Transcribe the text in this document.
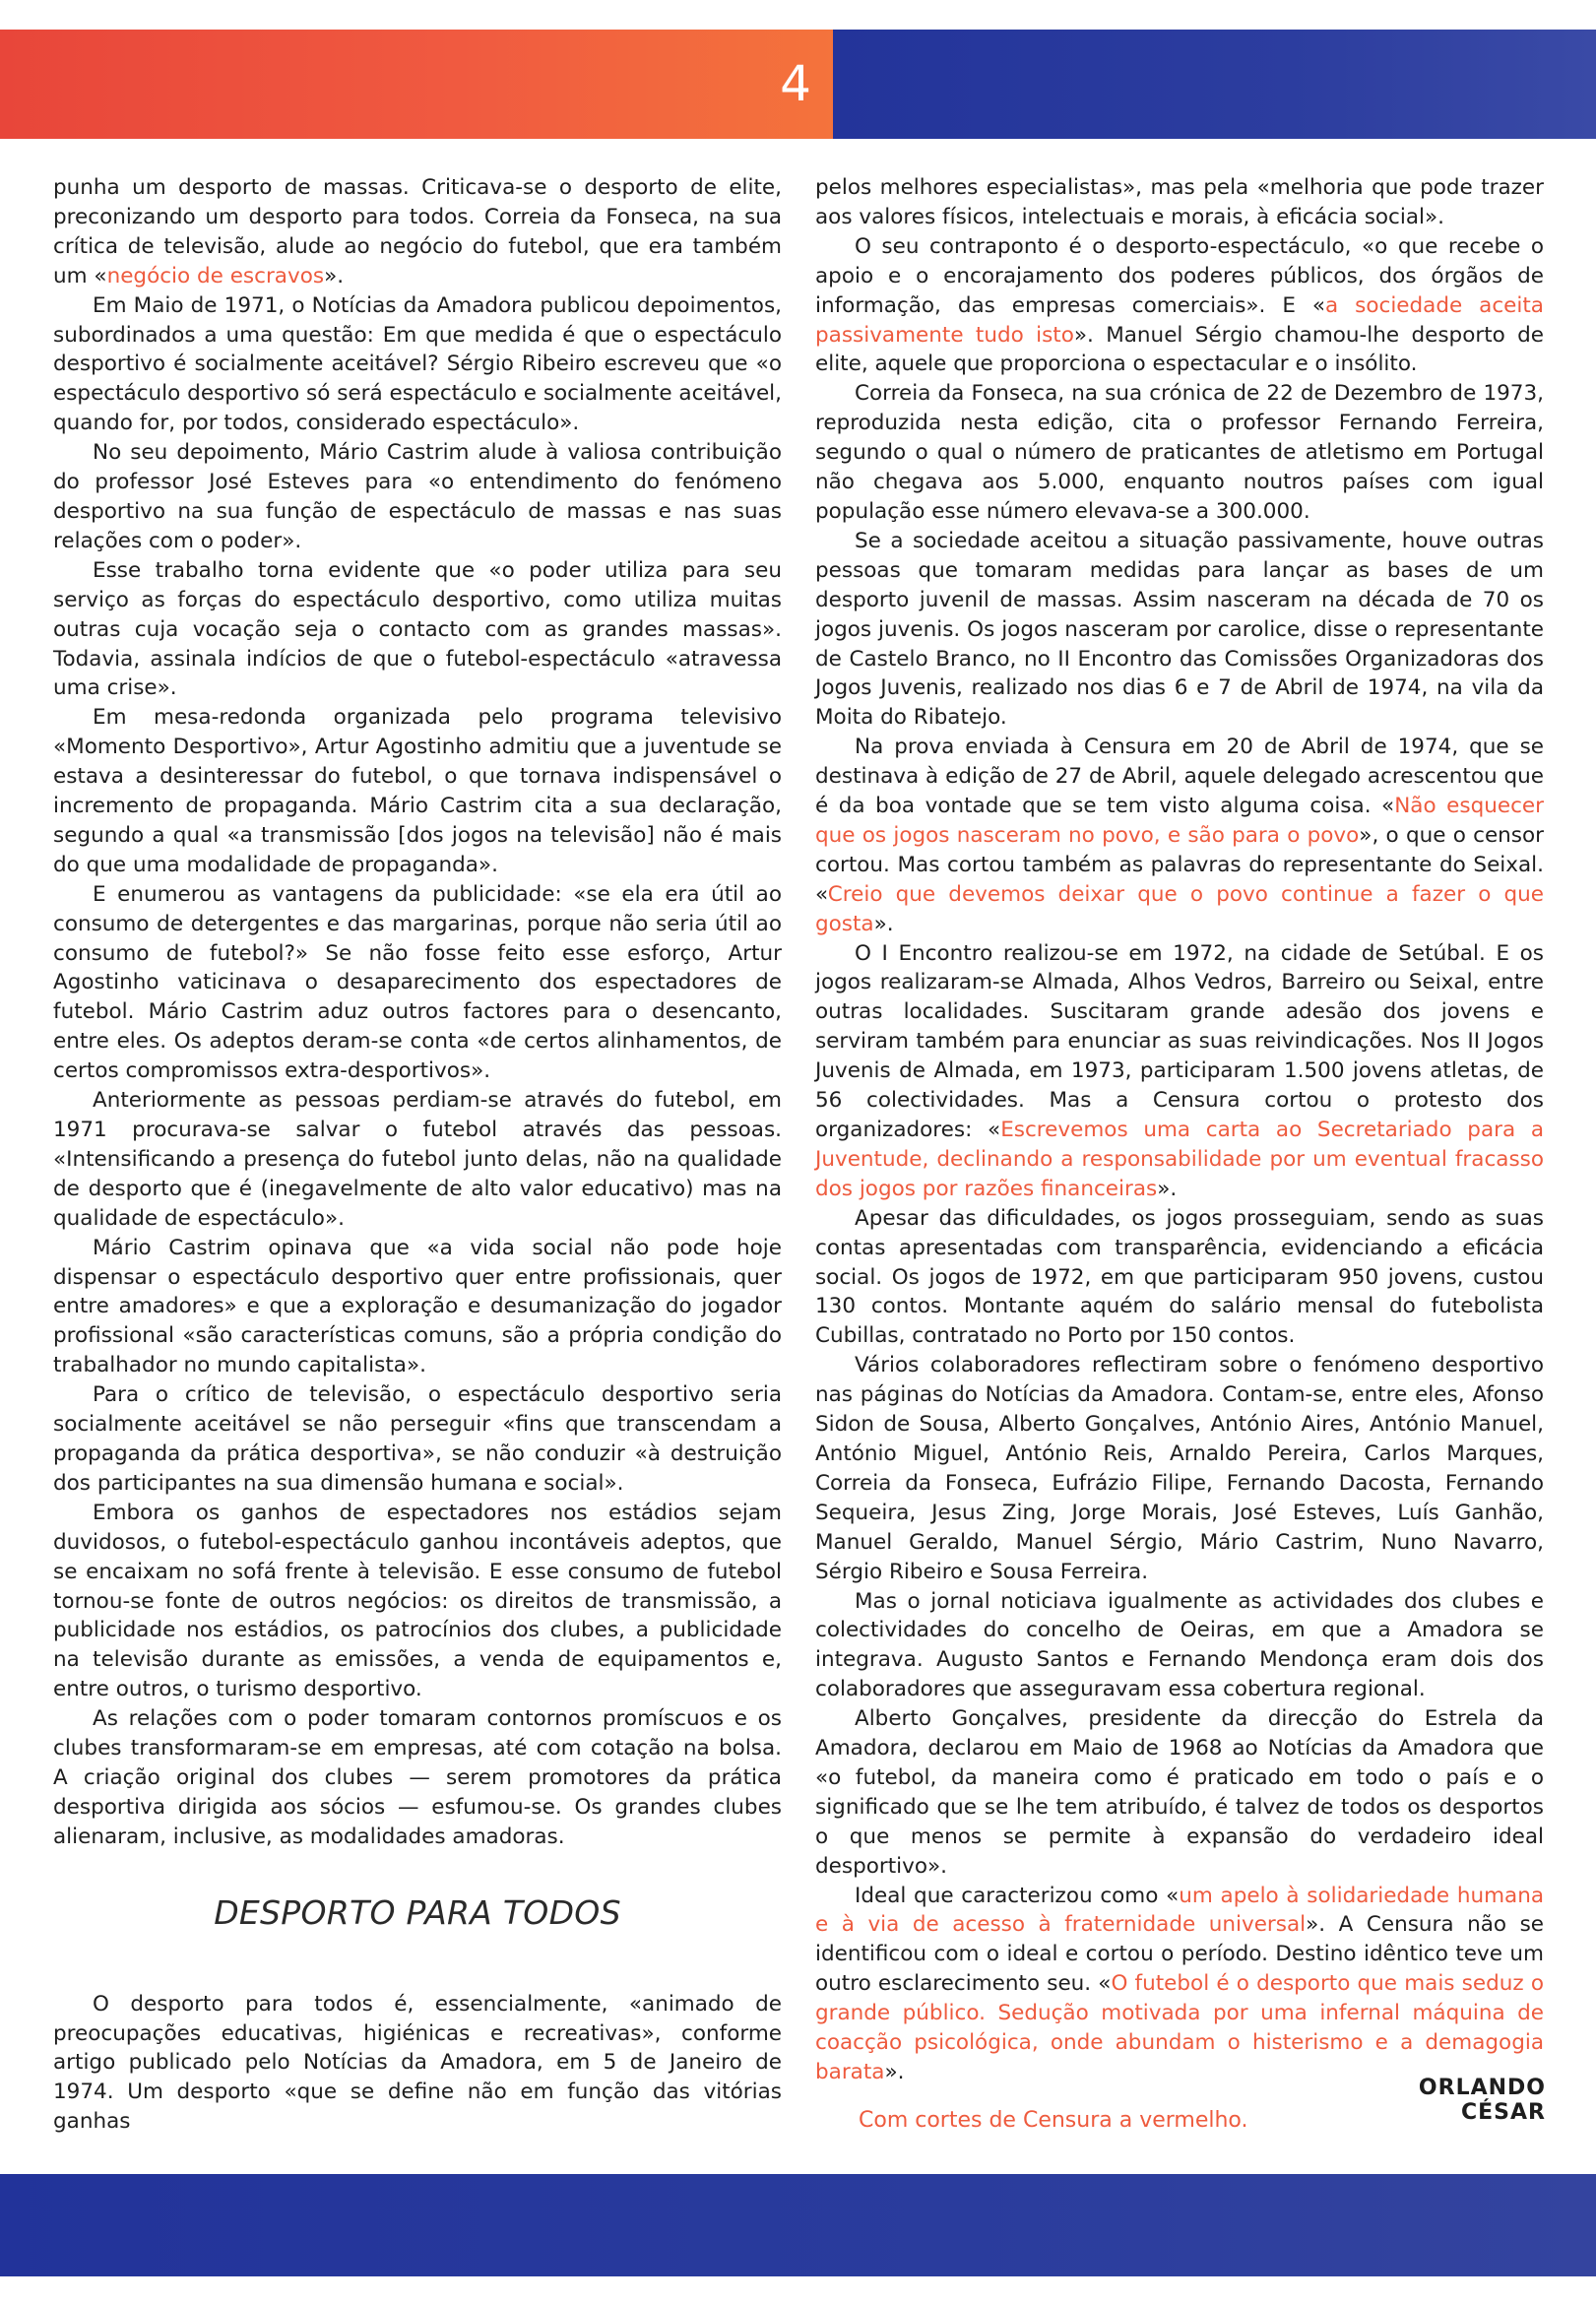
4

punha um desporto de massas. Criticava-se o desporto de elite, preconizando um desporto para todos. Correia da Fonseca, na sua crítica de televisão, alude ao negócio do futebol, que era também um «negócio de escravos».

Em Maio de 1971, o Notícias da Amadora publicou depoimentos, subordinados a uma questão: Em que medida é que o espectáculo desportivo é socialmente aceitável? Sérgio Ribeiro escreveu que «o espectáculo desportivo só será espectáculo e socialmente aceitável, quando for, por todos, considerado espectáculo».

No seu depoimento, Mário Castrim alude à valiosa contribuição do professor José Esteves para «o entendimento do fenómeno desportivo na sua função de espectáculo de massas e nas suas relações com o poder».

Esse trabalho torna evidente que «o poder utiliza para seu serviço as forças do espectáculo desportivo, como utiliza muitas outras cuja vocação seja o contacto com as grandes massas». Todavia, assinala indícios de que o futebol-espectáculo «atravessa uma crise».

Em mesa-redonda organizada pelo programa televisivo «Momento Desportivo», Artur Agostinho admitiu que a juventude se estava a desinteressar do futebol, o que tornava indispensável o incremento de propaganda. Mário Castrim cita a sua declaração, segundo a qual «a transmissão [dos jogos na televisão] não é mais do que uma modalidade de propaganda».

E enumerou as vantagens da publicidade: «se ela era útil ao consumo de detergentes e das margarinas, porque não seria útil ao consumo de futebol?» Se não fosse feito esse esforço, Artur Agostinho vaticinava o desaparecimento dos espectadores de futebol. Mário Castrim aduz outros factores para o desencanto, entre eles. Os adeptos deram-se conta «de certos alinhamentos, de certos compromissos extra-desportivos».

Anteriormente as pessoas perdiam-se através do futebol, em 1971 procurava-se salvar o futebol através das pessoas. «Intensificando a presença do futebol junto delas, não na qualidade de desporto que é (inegavelmente de alto valor educativo) mas na qualidade de espectáculo».

Mário Castrim opinava que «a vida social não pode hoje dispensar o espectáculo desportivo quer entre profissionais, quer entre amadores» e que a exploração e desumanização do jogador profissional «são características comuns, são a própria condição do trabalhador no mundo capitalista».

Para o crítico de televisão, o espectáculo desportivo seria socialmente aceitável se não perseguir «fins que transcendam a propaganda da prática desportiva», se não conduzir «à destruição dos participantes na sua dimensão humana e social».

Embora os ganhos de espectadores nos estádios sejam duvidosos, o futebol-espectáculo ganhou incontáveis adeptos, que se encaixam no sofá frente à televisão. E esse consumo de futebol tornou-se fonte de outros negócios: os direitos de transmissão, a publicidade nos estádios, os patrocínios dos clubes, a publicidade na televisão durante as emissões, a venda de equipamentos e, entre outros, o turismo desportivo.

As relações com o poder tomaram contornos promíscuos e os clubes transformaram-se em empresas, até com cotação na bolsa. A criação original dos clubes — serem promotores da prática desportiva dirigida aos sócios — esfumou-se. Os grandes clubes alienaram, inclusive, as modalidades amadoras.

DESPORTO PARA TODOS

O desporto para todos é, essencialmente, «animado de preocupações educativas, higiénicas e recreativas», conforme artigo publicado pelo Notícias da Amadora, em 5 de Janeiro de 1974. Um desporto «que se define não em função das vitórias ganhas

pelos melhores especialistas», mas pela «melhoria que pode trazer aos valores físicos, intelectuais e morais, à eficácia social».

O seu contraponto é o desporto-espectáculo, «o que recebe o apoio e o encorajamento dos poderes públicos, dos órgãos de informação, das empresas comerciais». E «a sociedade aceita passivamente tudo isto». Manuel Sérgio chamou-lhe desporto de elite, aquele que proporciona o espectacular e o insólito.

Correia da Fonseca, na sua crónica de 22 de Dezembro de 1973, reproduzida nesta edição, cita o professor Fernando Ferreira, segundo o qual o número de praticantes de atletismo em Portugal não chegava aos 5.000, enquanto noutros países com igual população esse número elevava-se a 300.000.

Se a sociedade aceitou a situação passivamente, houve outras pessoas que tomaram medidas para lançar as bases de um desporto juvenil de massas. Assim nasceram na década de 70 os jogos juvenis. Os jogos nasceram por carolice, disse o representante de Castelo Branco, no II Encontro das Comissões Organizadoras dos Jogos Juvenis, realizado nos dias 6 e 7 de Abril de 1974, na vila da Moita do Ribatejo.

Na prova enviada à Censura em 20 de Abril de 1974, que se destinava à edição de 27 de Abril, aquele delegado acrescentou que é da boa vontade que se tem visto alguma coisa. «Não esquecer que os jogos nasceram no povo, e são para o povo», o que o censor cortou. Mas cortou também as palavras do representante do Seixal. «Creio que devemos deixar que o povo continue a fazer o que gosta».

O I Encontro realizou-se em 1972, na cidade de Setúbal. E os jogos realizaram-se Almada, Alhos Vedros, Barreiro ou Seixal, entre outras localidades. Suscitaram grande adesão dos jovens e serviram também para enunciar as suas reivindicações. Nos II Jogos Juvenis de Almada, em 1973, participaram 1.500 jovens atletas, de 56 colectividades. Mas a Censura cortou o protesto dos organizadores: «Escrevemos uma carta ao Secretariado para a Juventude, declinando a responsabilidade por um eventual fracasso dos jogos por razões financeiras».

Apesar das dificuldades, os jogos prosseguiam, sendo as suas contas apresentadas com transparência, evidenciando a eficácia social. Os jogos de 1972, em que participaram 950 jovens, custou 130 contos. Montante aquém do salário mensal do futebolista Cubillas, contratado no Porto por 150 contos.

Vários colaboradores reflectiram sobre o fenómeno desportivo nas páginas do Notícias da Amadora. Contam-se, entre eles, Afonso Sidon de Sousa, Alberto Gonçalves, António Aires, António Manuel, António Miguel, António Reis, Arnaldo Pereira, Carlos Marques, Correia da Fonseca, Eufrázio Filipe, Fernando Dacosta, Fernando Sequeira, Jesus Zing, Jorge Morais, José Esteves, Luís Ganhão, Manuel Geraldo, Manuel Sérgio, Mário Castrim, Nuno Navarro, Sérgio Ribeiro e Sousa Ferreira.

Mas o jornal noticiava igualmente as actividades dos clubes e colectividades do concelho de Oeiras, em que a Amadora se integrava. Augusto Santos e Fernando Mendonça eram dois dos colaboradores que asseguravam essa cobertura regional.

Alberto Gonçalves, presidente da direcção do Estrela da Amadora, declarou em Maio de 1968 ao Notícias da Amadora que «o futebol, da maneira como é praticado em todo o país e o significado que se lhe tem atribuído, é talvez de todos os desportos o que menos se permite à expansão do verdadeiro ideal desportivo».

Ideal que caracterizou como «um apelo à solidariedade humana e à via de acesso à fraternidade universal». A Censura não se identificou com o ideal e cortou o período. Destino idêntico teve um outro esclarecimento seu. «O futebol é o desporto que mais seduz o grande público. Sedução motivada por uma infernal máquina de coacção psicológica, onde abundam o histerismo e a demagogia barata».

ORLANDO CÉSAR
Com cortes de Censura a vermelho.
